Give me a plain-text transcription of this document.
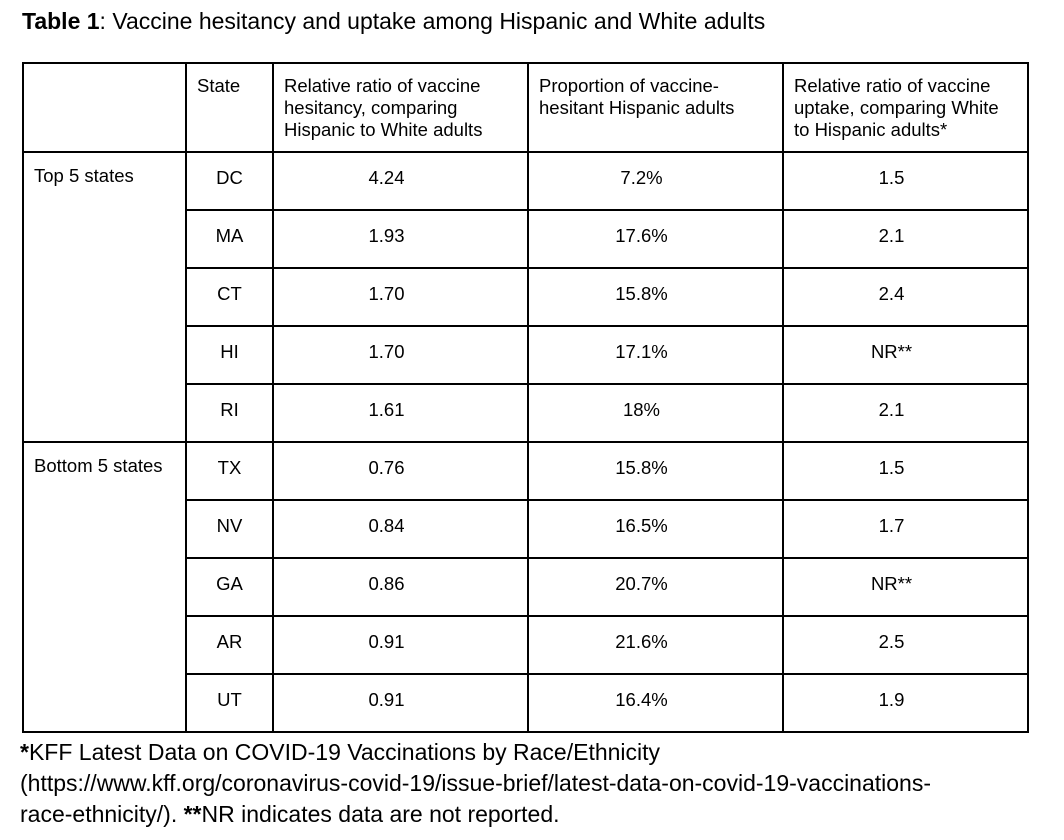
Table 1: Vaccine hesitancy and uptake among Hispanic and White adults

	State	Relative ratio of vaccine hesitancy, comparing Hispanic to White adults	Proportion of vaccine-hesitant Hispanic adults	Relative ratio of vaccine uptake, comparing White to Hispanic adults*
Top 5 states	DC	4.24	7.2%	1.5
	MA	1.93	17.6%	2.1
	CT	1.70	15.8%	2.4
	HI	1.70	17.1%	NR**
	RI	1.61	18%	2.1
Bottom 5 states	TX	0.76	15.8%	1.5
	NV	0.84	16.5%	1.7
	GA	0.86	20.7%	NR**
	AR	0.91	21.6%	2.5
	UT	0.91	16.4%	1.9

*KFF Latest Data on COVID-19 Vaccinations by Race/Ethnicity (https://www.kff.org/coronavirus-covid-19/issue-brief/latest-data-on-covid-19-vaccinations-race-ethnicity/). **NR indicates data are not reported.
